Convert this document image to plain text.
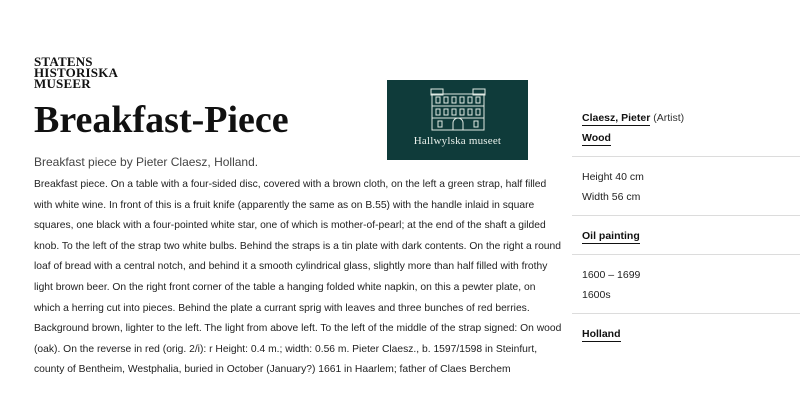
STATENS
HISTORISKA
MUSEER
Breakfast-Piece	Hallwylska museet

Breakfast piece by Pieter Claesz, Holland.

Breakfast piece. On a table with a four-sided disc, covered with a brown cloth, on the left a green strap, half filled with white wine. In front of this is a fruit knife (apparently the same as on B.55) with the handle inlaid in square squares, one black with a four-pointed white star, one of which is mother-of-pearl; at the end of the shaft a gilded knob. To the left of the strap two white bulbs. Behind the straps is a tin plate with dark contents. On the right a round loaf of bread with a central notch, and behind it a smooth cylindrical glass, slightly more than half filled with frothy light brown beer. On the right front corner of the table a hanging folded white napkin, on this a pewter plate, on which a herring cut into pieces. Behind the plate a currant sprig with leaves and three bunches of red berries. Background brown, lighter to the left. The light from above left. To the left of the middle of the strap signed: On wood (oak). On the reverse in red (orig. 2/i): r Height: 0.4 m.; width: 0.56 m. Pieter Claesz., b. 1597/1598 in Steinfurt, county of Bentheim, Westphalia, buried in October (January?) 1661 in Haarlem; father of Claes Berchem

Claesz, Pieter (Artist)
Wood
Height 40 cm
Width 56 cm
Oil painting
1600 – 1699
1600s
Holland
